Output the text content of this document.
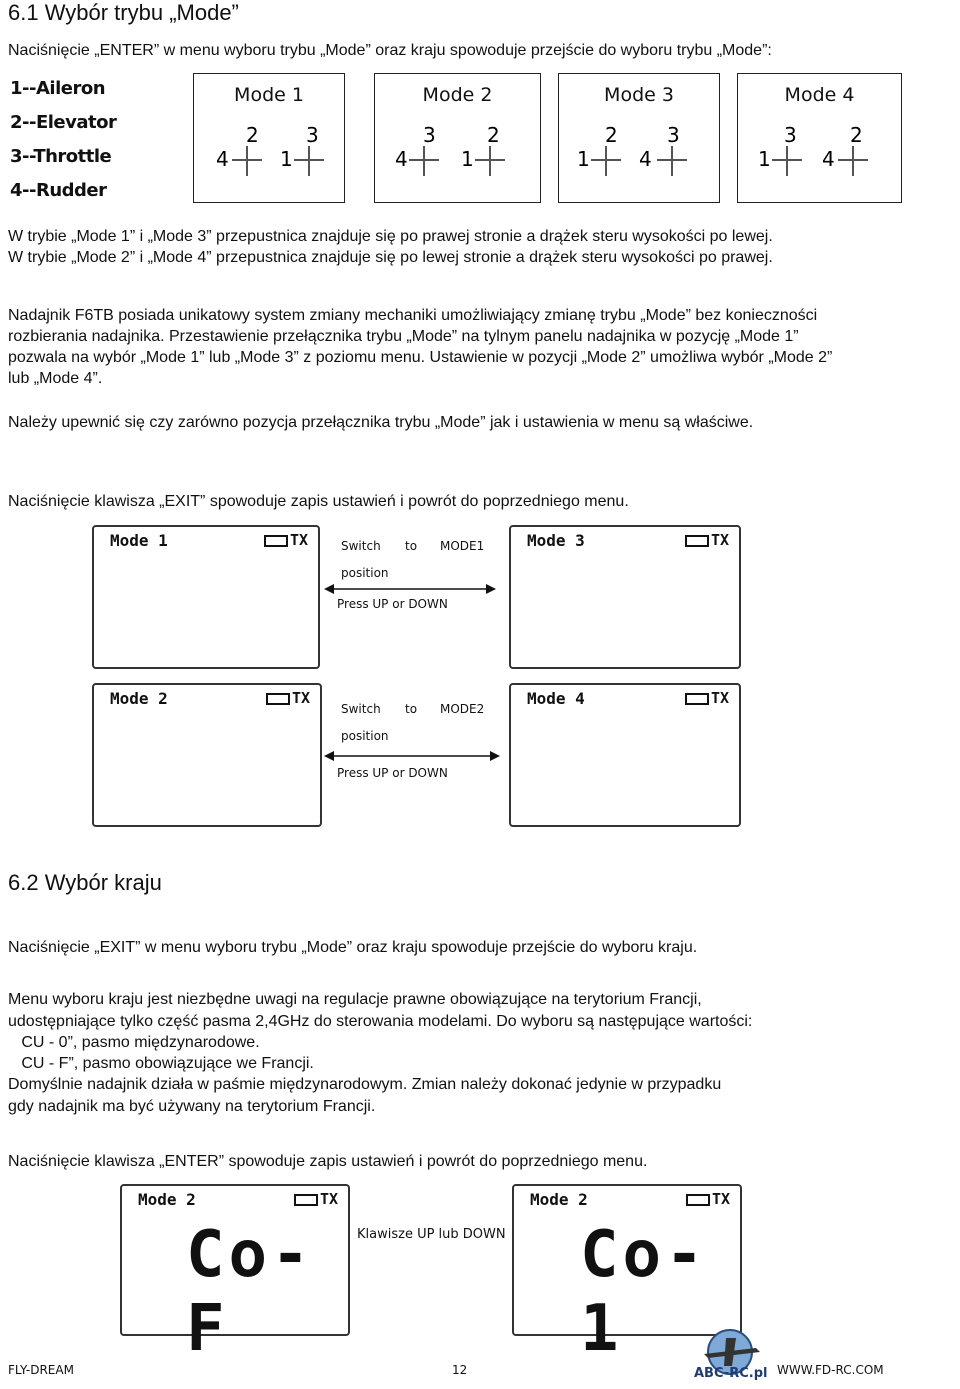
6.1 Wybór trybu „Mode”
Naciśnięcie „ENTER” w menu wyboru trybu „Mode” oraz kraju spowoduje przejście do wyboru trybu „Mode”:
1--Aileron
2--Elevator
3--Throttle
4--Rudder
Mode 1
2 3
4	1
Mode 2
3	2
4	1
Mode 3
2 3
1 4
Mode 4
3	2
1	4
W trybie „Mode 1” i „Mode 3” przepustnica znajduje się po prawej stronie a drążek steru wysokości po lewej.
W trybie „Mode 2” i „Mode 4” przepustnica znajduje się po lewej stronie a drążek steru wysokości po prawej.
Nadajnik F6TB posiada unikatowy system zmiany mechaniki umożliwiający zmianę trybu „Mode” bez konieczności
rozbierania nadajnika. Przestawienie przełącznika trybu „Mode” na tylnym panelu nadajnika w pozycję „Mode 1”
pozwala na wybór „Mode 1” lub „Mode 3” z poziomu menu. Ustawienie w pozycji „Mode 2” umożliwa wybór „Mode 2”
lub „Mode 4”.
Należy upewnić się czy zarówno pozycja przełącznika trybu „Mode” jak i ustawienia w menu są właściwe.
Naciśnięcie klawisza „EXIT” spowoduje zapis ustawień i powrót do poprzedniego menu.
Mode 1	TX	Switch to MODE1
position
Press UP or DOWN
Mode 3	TX
Mode 2	TX
Switch to MODE2
position
Press UP or DOWN
Mode 4	TX
6.2 Wybór kraju
Naciśnięcie „EXIT” w menu wyboru trybu „Mode” oraz kraju spowoduje przejście do wyboru kraju.
Menu wyboru kraju jest niezbędne uwagi na regulacje prawne obowiązujące na terytorium Francji,
udostępniające tylko część pasma 2,4GHz do sterowania modelami. Do wyboru są następujące wartości:
CU - 0”, pasmo międzynarodowe.
CU - F”, pasmo obowiązujące we Francji.
Domyślnie nadajnik działa w paśmie międzynarodowym. Zmian należy dokonać jedynie w przypadku
gdy nadajnik ma być używany na terytorium Francji.
Naciśnięcie klawisza „ENTER” spowoduje zapis ustawień i powrót do poprzedniego menu.
Mode 2	TX
Co-F
Klawisze UP lub DOWN
Mode 2	TX
Co-1
FLY-DREAM	12	ABC-RC.pl WWW.FD-RC.COM
